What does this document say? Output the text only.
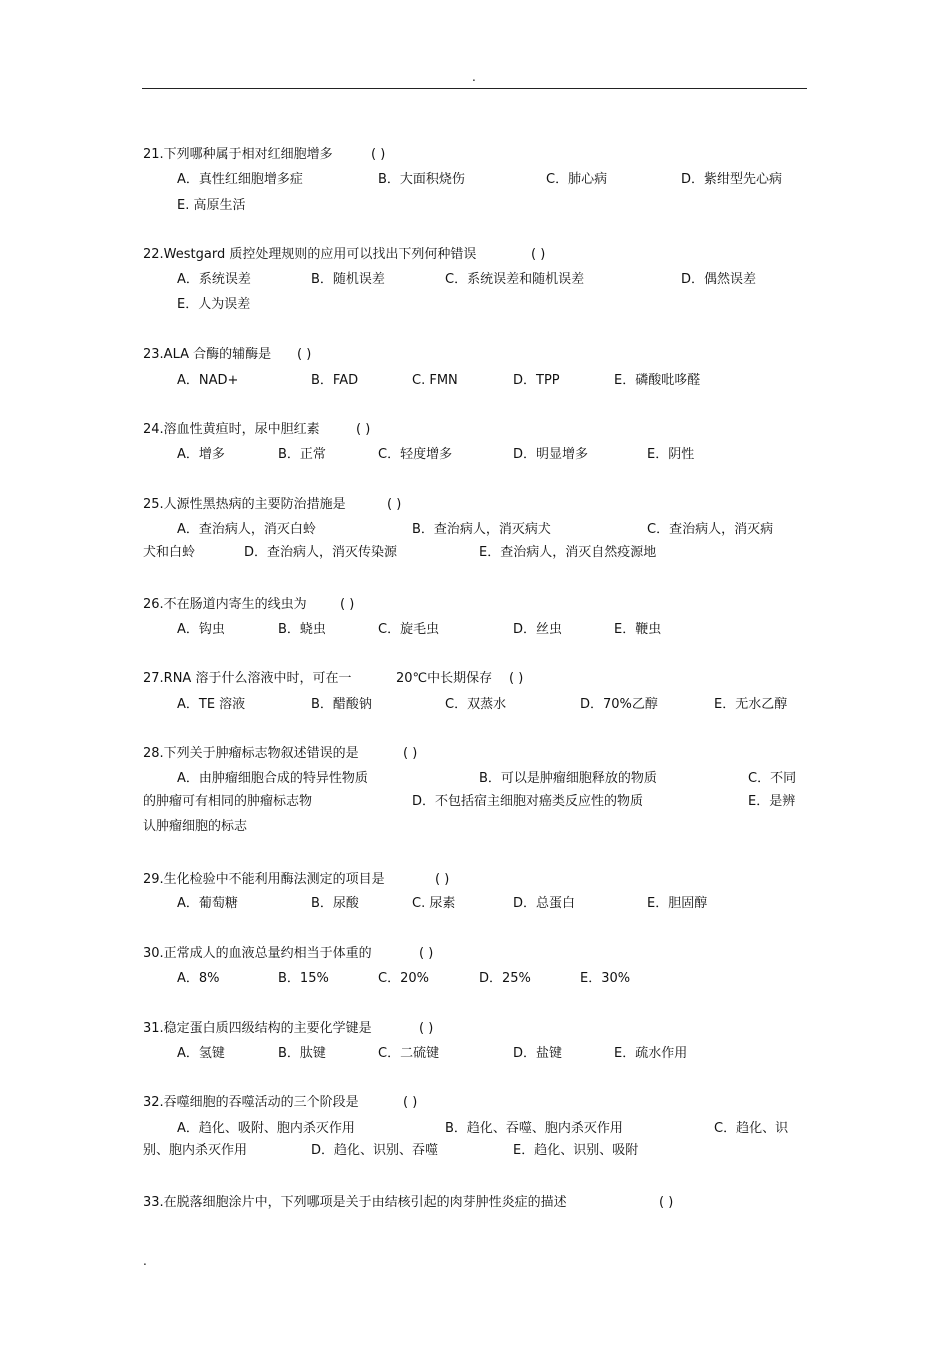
.
21.下列哪种属于相对红细胞增多	( )
A．真性红细胞增多症	B．大面积烧伤	C．肺心病	D．紫绀型先心病
E. 高原生活
22.Westgard 质控处理规则的应用可以找出下列何种错误	( )
A．系统误差	B．随机误差	C．系统误差和随机误差	D．偶然误差
E．人为误差
23.ALA 合酶的辅酶是 ( )
A．NAD+	B．FAD	C. FMN	D．TPP	E．磷酸吡哆醛
24.溶血性黄疸时，尿中胆红素	( )
A．增多	B．正常	C．轻度增多	D．明显增多	E．阴性
25.人源性黑热病的主要防治措施是	( )
A．查治病人，消灭白蛉	B．查治病人，消灭病犬	C．查治病人，消灭病
犬和白蛉	D．查治病人，消灭传染源	E．查治病人，消灭自然疫源地
26.不在肠道内寄生的线虫为	( )
A．钩虫	B．蛲虫	C．旋毛虫	D．丝虫	E．鞭虫
27.RNA 溶于什么溶液中时，可在一	20℃中长期保存 ( )
A．TE 溶液	B．醋酸钠	C．双蒸水	D．70%乙醇	E．无水乙醇
28.下列关于肿瘤标志物叙述错误的是	( )
A．由肿瘤细胞合成的特异性物质	B．可以是肿瘤细胞释放的物质	C．不同
的肿瘤可有相同的肿瘤标志物	D．不包括宿主细胞对癌类反应性的物质	E．是辨
认肿瘤细胞的标志
29.生化检验中不能利用酶法测定的项目是	( )
A．葡萄糖	B．尿酸	C. 尿素	D．总蛋白	E．胆固醇
30.正常成人的血液总量约相当于体重的	( )
A．8%	B．15%	C．20%	D．25%	E．30%
31.稳定蛋白质四级结构的主要化学键是	( )
A．氢键	B．肽键	C．二硫键	D．盐键	E．疏水作用
32.吞噬细胞的吞噬活动的三个阶段是	( )
A．趋化、吸附、胞内杀灭作用	B．趋化、吞噬、胞内杀灭作用	C．趋化、识
别、胞内杀灭作用	D．趋化、识别、吞噬	E．趋化、识别、吸附
33.在脱落细胞涂片中，下列哪项是关于由结核引起的肉芽肿性炎症的描述	( )
.
